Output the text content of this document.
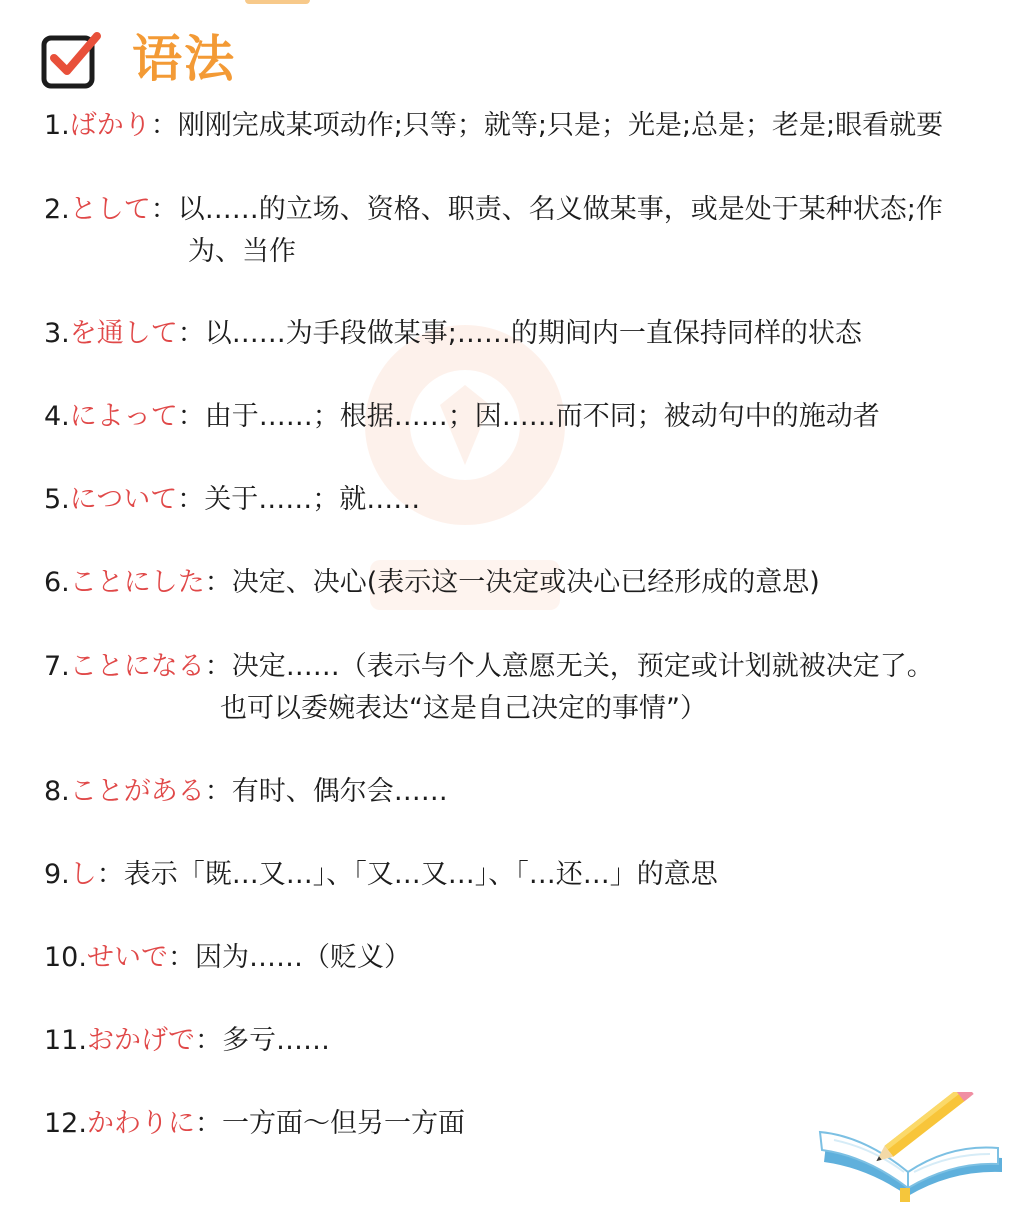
语法
1.ばかり：刚刚完成某项动作;只等；就等;只是；光是;总是；老是;眼看就要
2.として：以……的立场、资格、职责、名义做某事，或是处于某种状态;作
为、当作
3.を通して：以……为手段做某事;……的期间内一直保持同样的状态
4.によって：由于……；根据……；因……而不同；被动句中的施动者
5.について：关于……；就……
6.ことにした：决定、决心(表示这一决定或决心已经形成的意思)
7.ことになる：决定……（表示与个人意愿无关，预定或计划就被决定了。
也可以委婉表达“这是自己决定的事情”）
8.ことがある：有时、偶尔会……
9.し：表示「既…又…」、「又…又…」、「…还…」的意思
10.せいで：因为……（贬义）
11.おかげで：多亏……
12.かわりに：一方面～但另一方面
